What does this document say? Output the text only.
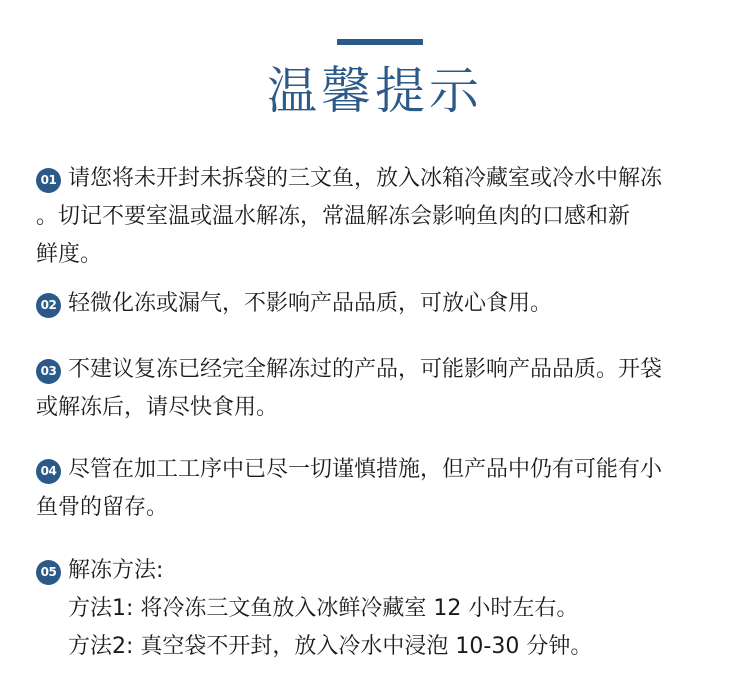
温馨提示
01 请您将未开封未拆袋的三文鱼，放入冰箱冷藏室或冷水中解冻
。切记不要室温或温水解冻，常温解冻会影响鱼肉的口感和新
鲜度。
02 轻微化冻或漏气，不影响产品品质，可放心食用。
03 不建议复冻已经完全解冻过的产品，可能影响产品品质。开袋
或解冻后，请尽快食用。
04 尽管在加工工序中已尽一切谨慎措施，但产品中仍有可能有小
鱼骨的留存。
05 解冻方法:
方法1: 将冷冻三文鱼放入冰鲜冷藏室 12 小时左右。
方法2: 真空袋不开封，放入冷水中浸泡 10-30 分钟。
